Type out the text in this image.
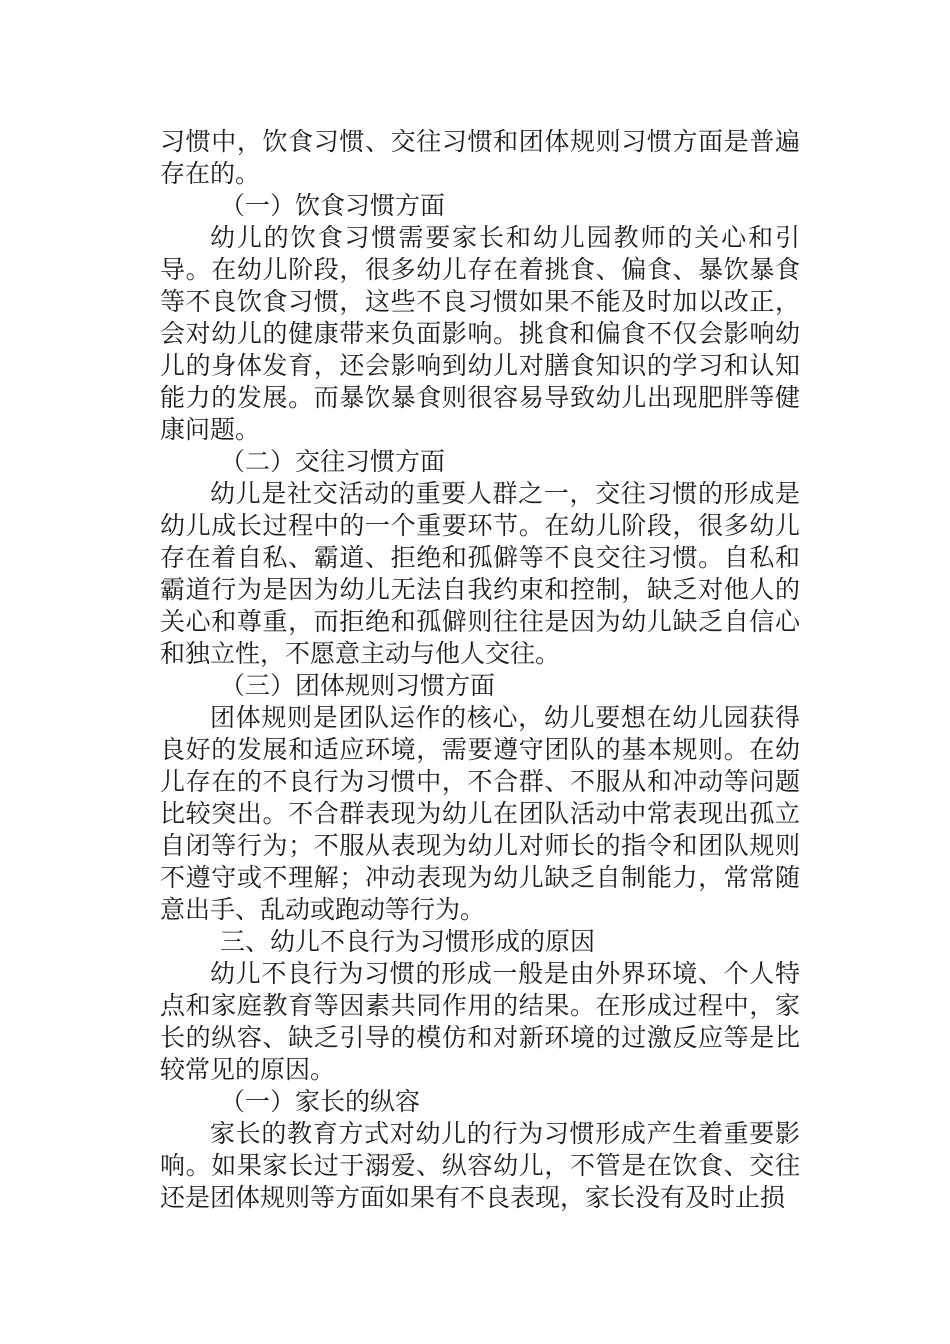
习惯中，饮食习惯、交往习惯和团体规则习惯方面是普遍存在的。

（一）饮食习惯方面

幼儿的饮食习惯需要家长和幼儿园教师的关心和引导。在幼儿阶段，很多幼儿存在着挑食、偏食、暴饮暴食等不良饮食习惯，这些不良习惯如果不能及时加以改正，会对幼儿的健康带来负面影响。挑食和偏食不仅会影响幼儿的身体发育，还会影响到幼儿对膳食知识的学习和认知能力的发展。而暴饮暴食则很容易导致幼儿出现肥胖等健康问题。

（二）交往习惯方面

幼儿是社交活动的重要人群之一，交往习惯的形成是幼儿成长过程中的一个重要环节。在幼儿阶段，很多幼儿存在着自私、霸道、拒绝和孤僻等不良交往习惯。自私和霸道行为是因为幼儿无法自我约束和控制，缺乏对他人的关心和尊重，而拒绝和孤僻则往往是因为幼儿缺乏自信心和独立性，不愿意主动与他人交往。

（三）团体规则习惯方面

团体规则是团队运作的核心，幼儿要想在幼儿园获得良好的发展和适应环境，需要遵守团队的基本规则。在幼儿存在的不良行为习惯中，不合群、不服从和冲动等问题比较突出。不合群表现为幼儿在团队活动中常表现出孤立自闭等行为；不服从表现为幼儿对师长的指令和团队规则不遵守或不理解；冲动表现为幼儿缺乏自制能力，常常随意出手、乱动或跑动等行为。

三、幼儿不良行为习惯形成的原因

幼儿不良行为习惯的形成一般是由外界环境、个人特点和家庭教育等因素共同作用的结果。在形成过程中，家长的纵容、缺乏引导的模仿和对新环境的过激反应等是比较常见的原因。

（一）家长的纵容

家长的教育方式对幼儿的行为习惯形成产生着重要影响。如果家长过于溺爱、纵容幼儿，不管是在饮食、交往还是团体规则等方面如果有不良表现，家长没有及时止损
